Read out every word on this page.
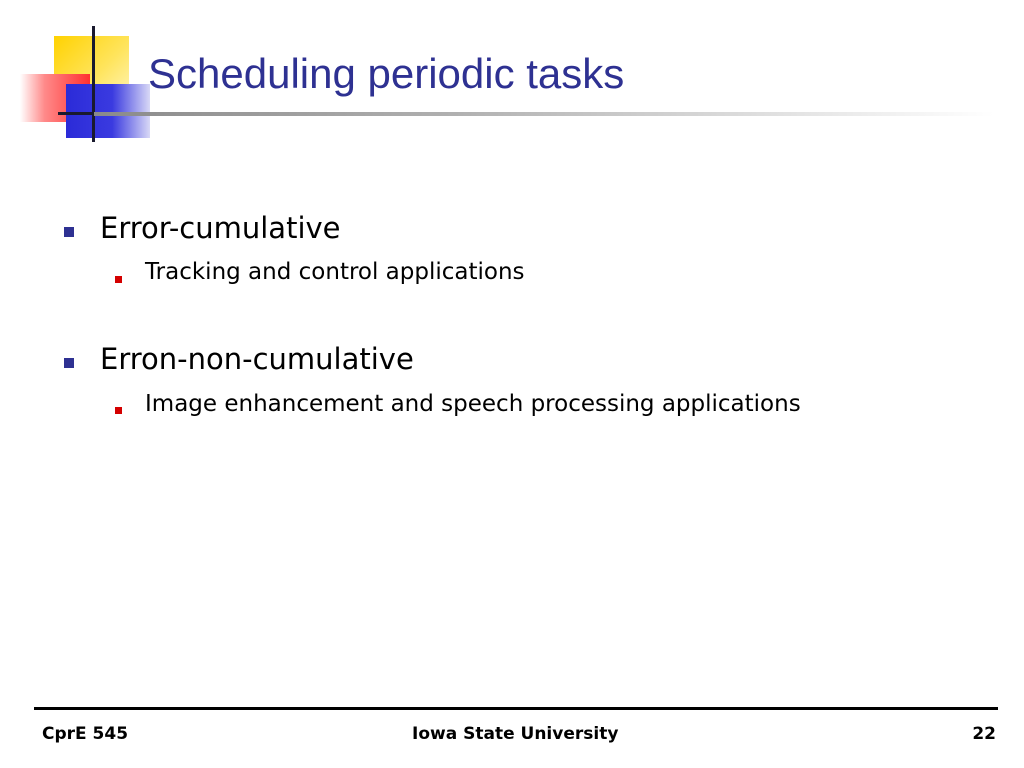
Scheduling periodic tasks
Error-cumulative
Tracking and control applications
Erron-non-cumulative
Image enhancement and speech processing applications
CprE 545	Iowa State University	22
